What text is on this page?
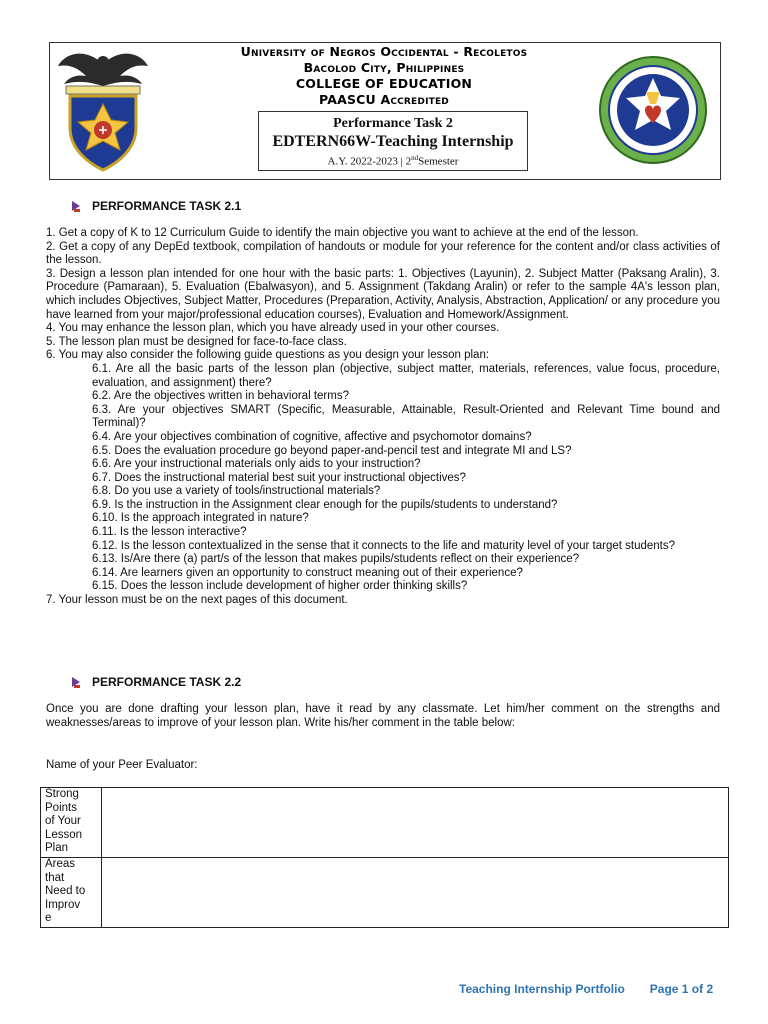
University of Negros Occidental - Recoletos
Bacolod City, Philippines
COLLEGE OF EDUCATION
PAASCU Accredited
Performance Task 2
EDTERN66W-Teaching Internship
A.Y. 2022-2023 | 2ndSemester
PERFORMANCE TASK 2.1

1. Get a copy of K to 12 Curriculum Guide to identify the main objective you want to achieve at the end of the lesson.

2. Get a copy of any DepEd textbook, compilation of handouts or module for your reference for the content and/or class activities of the lesson.

3. Design a lesson plan intended for one hour with the basic parts: 1. Objectives (Layunin), 2. Subject Matter (Paksang Aralin), 3. Procedure (Pamaraan), 5. Evaluation (Ebalwasyon), and 5. Assignment (Takdang Aralin) or refer to the sample 4A's lesson plan, which includes Objectives, Subject Matter, Procedures (Preparation, Activity, Analysis, Abstraction, Application/ or any procedure you have learned from your major/professional education courses), Evaluation and Homework/Assignment.

4. You may enhance the lesson plan, which you have already used in your other courses.

5. The lesson plan must be designed for face-to-face class.

6. You may also consider the following guide questions as you design your lesson plan:

6.1. Are all the basic parts of the lesson plan (objective, subject matter, materials, references, value focus, procedure, evaluation, and assignment) there?

6.2. Are the objectives written in behavioral terms?

6.3. Are your objectives SMART (Specific, Measurable, Attainable, Result-Oriented and Relevant Time bound and Terminal)?

6.4. Are your objectives combination of cognitive, affective and psychomotor domains?

6.5. Does the evaluation procedure go beyond paper-and-pencil test and integrate MI and LS?

6.6. Are your instructional materials only aids to your instruction?

6.7. Does the instructional material best suit your instructional objectives?

6.8. Do you use a variety of tools/instructional materials?

6.9. Is the instruction in the Assignment clear enough for the pupils/students to understand?

6.10. Is the approach integrated in nature?

6.11. Is the lesson interactive?

6.12. Is the lesson contextualized in the sense that it connects to the life and maturity level of your target students?

6.13. Is/Are there (a) part/s of the lesson that makes pupils/students reflect on their experience?

6.14. Are learners given an opportunity to construct meaning out of their experience?

6.15. Does the lesson include development of higher order thinking skills?

7. Your lesson must be on the next pages of this document.

PERFORMANCE TASK 2.2

Once you are done drafting your lesson plan, have it read by any classmate. Let him/her comment on the strengths and weaknesses/areas to improve of your lesson plan. Write his/her comment in the table below:

Name of your Peer Evaluator:
Strong
Points
of Your
Lesson
Plan	

Areas
that
Need to
Improv
e	

Teaching Internship Portfolio Page 1 of 2
